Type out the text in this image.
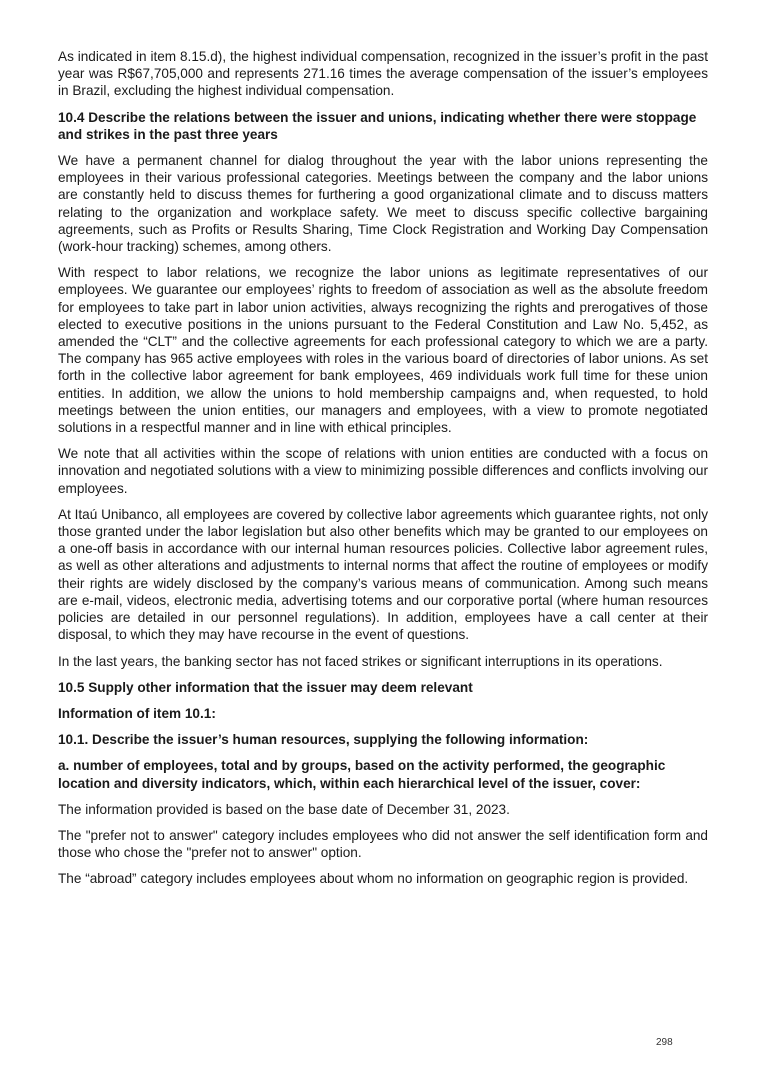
As indicated in item 8.15.d), the highest individual compensation, recognized in the issuer’s profit in the past year was R$67,705,000 and represents 271.16 times the average compensation of the issuer’s employees in Brazil, excluding the highest individual compensation.

10.4 Describe the relations between the issuer and unions, indicating whether there were stoppage and strikes in the past three years

We have a permanent channel for dialog throughout the year with the labor unions representing the employees in their various professional categories. Meetings between the company and the labor unions are constantly held to discuss themes for furthering a good organizational climate and to discuss matters relating to the organization and workplace safety. We meet to discuss specific collective bargaining agreements, such as Profits or Results Sharing, Time Clock Registration and Working Day Compensation (work-hour tracking) schemes, among others.

With respect to labor relations, we recognize the labor unions as legitimate representatives of our employees. We guarantee our employees’ rights to freedom of association as well as the absolute freedom for employees to take part in labor union activities, always recognizing the rights and prerogatives of those elected to executive positions in the unions pursuant to the Federal Constitution and Law No. 5,452, as amended the “CLT” and the collective agreements for each professional category to which we are a party. The company has 965 active employees with roles in the various board of directories of labor unions. As set forth in the collective labor agreement for bank employees, 469 individuals work full time for these union entities. In addition, we allow the unions to hold membership campaigns and, when requested, to hold meetings between the union entities, our managers and employees, with a view to promote negotiated solutions in a respectful manner and in line with ethical principles.

We note that all activities within the scope of relations with union entities are conducted with a focus on innovation and negotiated solutions with a view to minimizing possible differences and conflicts involving our employees.

At Itaú Unibanco, all employees are covered by collective labor agreements which guarantee rights, not only those granted under the labor legislation but also other benefits which may be granted to our employees on a one-off basis in accordance with our internal human resources policies. Collective labor agreement rules, as well as other alterations and adjustments to internal norms that affect the routine of employees or modify their rights are widely disclosed by the company’s various means of communication. Among such means are e-mail, videos, electronic media, advertising totems and our corporative portal (where human resources policies are detailed in our personnel regulations). In addition, employees have a call center at their disposal, to which they may have recourse in the event of questions.

In the last years, the banking sector has not faced strikes or significant interruptions in its operations.

10.5 Supply other information that the issuer may deem relevant

Information of item 10.1:

10.1. Describe the issuer’s human resources, supplying the following information:

a. number of employees, total and by groups, based on the activity performed, the geographic location and diversity indicators, which, within each hierarchical level of the issuer, cover:

The information provided is based on the base date of December 31, 2023.

The "prefer not to answer" category includes employees who did not answer the self identification form and those who chose the "prefer not to answer" option.

The “abroad” category includes employees about whom no information on geographic region is provided.

298
